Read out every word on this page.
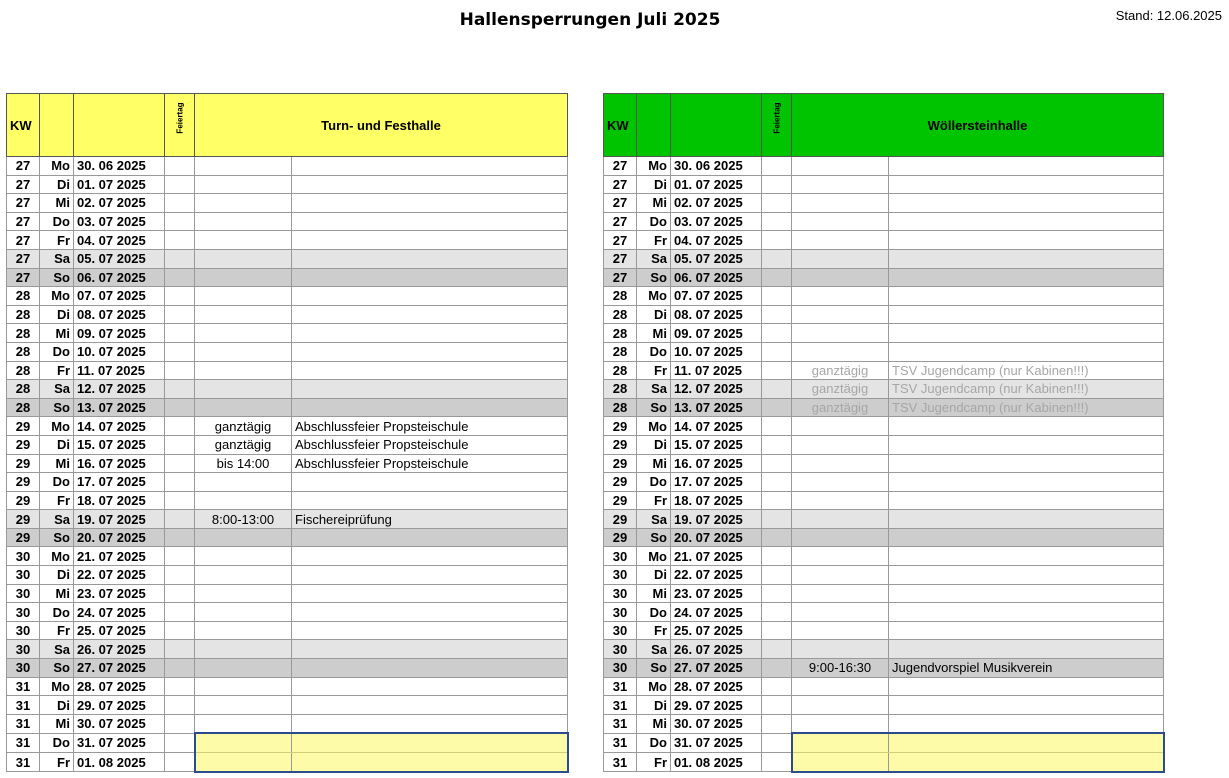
Hallensperrungen Juli 2025	Stand: 12.06.2025
KW			Feiertag	Turn- und Festhalle	
27	Mo	30. 06 2025			
27	Di	01. 07 2025			
27	Mi	02. 07 2025			
27	Do	03. 07 2025			
27	Fr	04. 07 2025			
27	Sa	05. 07 2025			
27	So	06. 07 2025			
28	Mo	07. 07 2025			
28	Di	08. 07 2025			
28	Mi	09. 07 2025			
28	Do	10. 07 2025			
28	Fr	11. 07 2025			
28	Sa	12. 07 2025			
28	So	13. 07 2025			
29	Mo	14. 07 2025		ganztägig	Abschlussfeier Propsteischule
29	Di	15. 07 2025		ganztägig	Abschlussfeier Propsteischule
29	Mi	16. 07 2025		bis 14:00	Abschlussfeier Propsteischule
29	Do	17. 07 2025			
29	Fr	18. 07 2025			
29	Sa	19. 07 2025		8:00-13:00	Fischereiprüfung
29	So	20. 07 2025			
30	Mo	21. 07 2025			
30	Di	22. 07 2025			
30	Mi	23. 07 2025			
30	Do	24. 07 2025			
30	Fr	25. 07 2025			
30	Sa	26. 07 2025			
30	So	27. 07 2025			
31	Mo	28. 07 2025			
31	Di	29. 07 2025			
31	Mi	30. 07 2025			
31	Do	31. 07 2025			
31	Fr	01. 08 2025			
KW			Feiertag	Wöllersteinhalle	
27	Mo	30. 06 2025			
27	Di	01. 07 2025			
27	Mi	02. 07 2025			
27	Do	03. 07 2025			
27	Fr	04. 07 2025			
27	Sa	05. 07 2025			
27	So	06. 07 2025			
28	Mo	07. 07 2025			
28	Di	08. 07 2025			
28	Mi	09. 07 2025			
28	Do	10. 07 2025			
28	Fr	11. 07 2025		ganztägig	TSV Jugendcamp (nur Kabinen!!!)
28	Sa	12. 07 2025		ganztägig	TSV Jugendcamp (nur Kabinen!!!)
28	So	13. 07 2025		ganztägig	TSV Jugendcamp (nur Kabinen!!!)
29	Mo	14. 07 2025			
29	Di	15. 07 2025			
29	Mi	16. 07 2025			
29	Do	17. 07 2025			
29	Fr	18. 07 2025			
29	Sa	19. 07 2025			
29	So	20. 07 2025			
30	Mo	21. 07 2025			
30	Di	22. 07 2025			
30	Mi	23. 07 2025			
30	Do	24. 07 2025			
30	Fr	25. 07 2025			
30	Sa	26. 07 2025			
30	So	27. 07 2025		9:00-16:30	Jugendvorspiel Musikverein
31	Mo	28. 07 2025			
31	Di	29. 07 2025			
31	Mi	30. 07 2025			
31	Do	31. 07 2025			
31	Fr	01. 08 2025			
